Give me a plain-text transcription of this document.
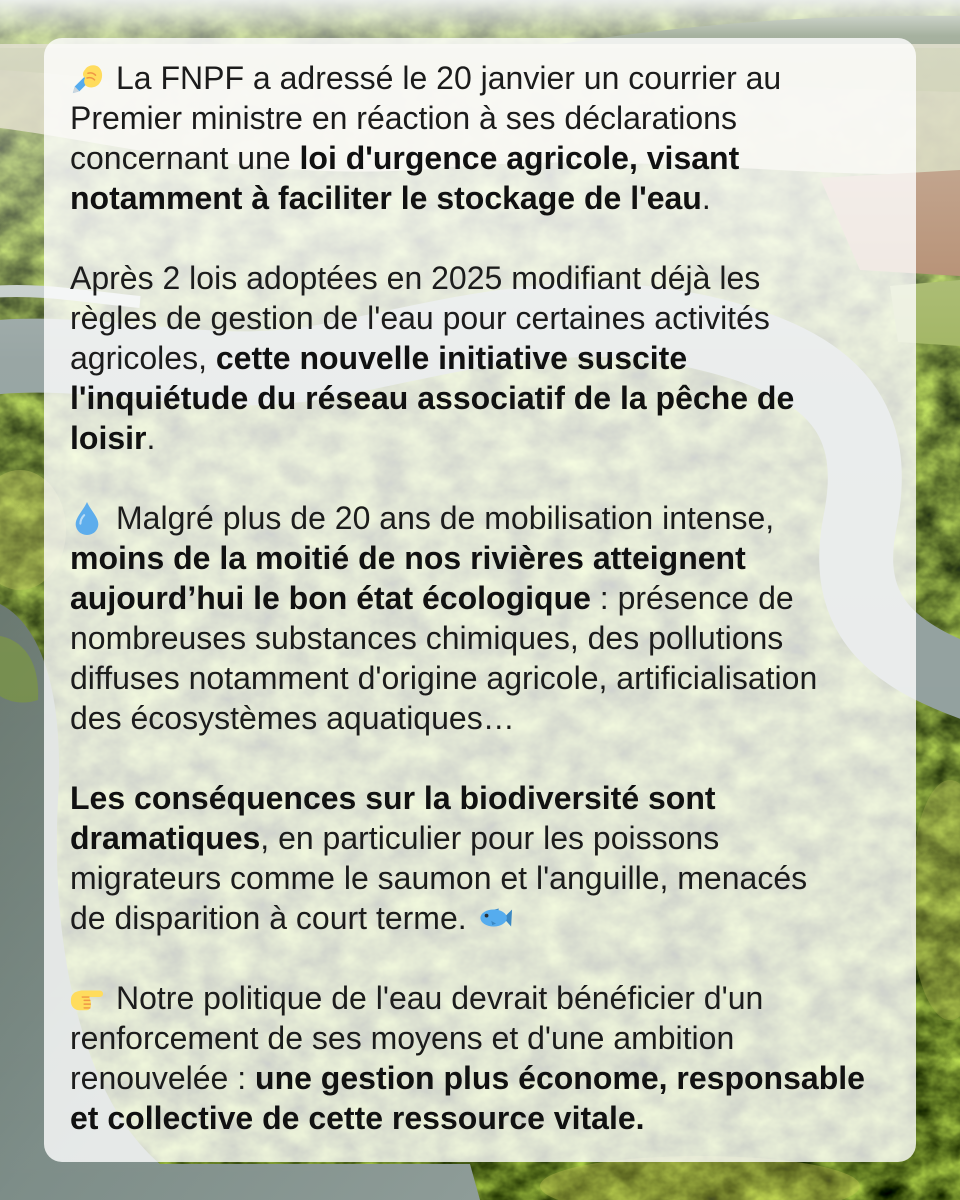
La FNPF a adressé le 20 janvier un courrier au
Premier ministre en réaction à ses déclarations
concernant une loi d'urgence agricole, visant
notamment à faciliter le stockage de l'eau.
Après 2 lois adoptées en 2025 modifiant déjà les
règles de gestion de l'eau pour certaines activités
agricoles, cette nouvelle initiative suscite
l'inquiétude du réseau associatif de la pêche de
loisir.
Malgré plus de 20 ans de mobilisation intense,
moins de la moitié de nos rivières atteignent
aujourd’hui le bon état écologique : présence de
nombreuses substances chimiques, des pollutions
diffuses notamment d'origine agricole, artificialisation
des écosystèmes aquatiques…
Les conséquences sur la biodiversité sont
dramatiques, en particulier pour les poissons
migrateurs comme le saumon et l'anguille, menacés
de disparition à court terme.
Notre politique de l'eau devrait bénéficier d'un
renforcement de ses moyens et d'une ambition
renouvelée : une gestion plus économe, responsable
et collective de cette ressource vitale.
